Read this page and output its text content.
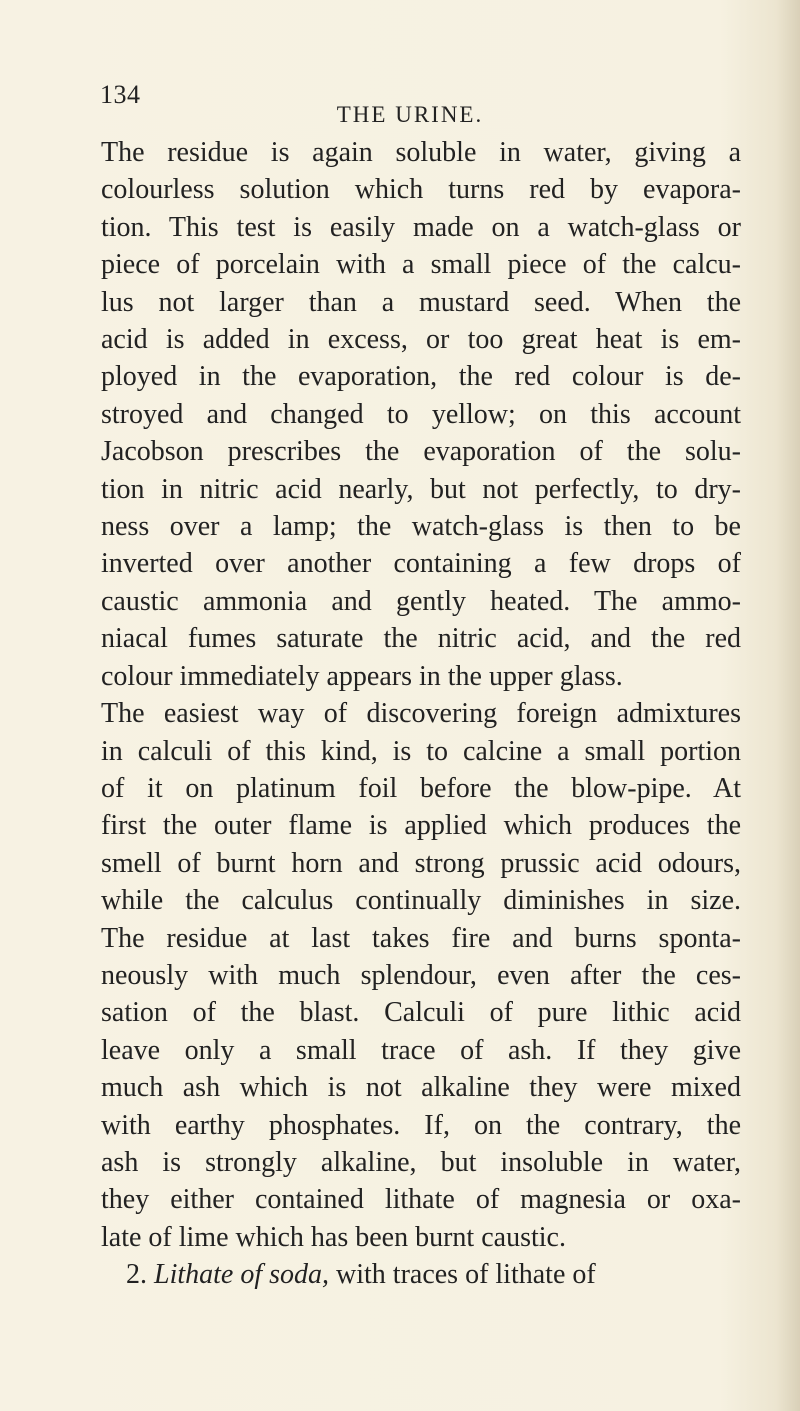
134
THE URINE.
The residue is again soluble in water, giving a
colourless solution which turns red by evapora-
tion. This test is easily made on a watch-glass or
piece of porcelain with a small piece of the calcu-
lus not larger than a mustard seed. When the
acid is added in excess, or too great heat is em-
ployed in the evaporation, the red colour is de-
stroyed and changed to yellow; on this account
Jacobson prescribes the evaporation of the solu-
tion in nitric acid nearly, but not perfectly, to dry-
ness over a lamp; the watch-glass is then to be
inverted over another containing a few drops of
caustic ammonia and gently heated. The ammo-
niacal fumes saturate the nitric acid, and the red
colour immediately appears in the upper glass.
The easiest way of discovering foreign admixtures
in calculi of this kind, is to calcine a small portion
of it on platinum foil before the blow-pipe. At
first the outer flame is applied which produces the
smell of burnt horn and strong prussic acid odours,
while the calculus continually diminishes in size.
The residue at last takes fire and burns sponta-
neously with much splendour, even after the ces-
sation of the blast. Calculi of pure lithic acid
leave only a small trace of ash. If they give
much ash which is not alkaline they were mixed
with earthy phosphates. If, on the contrary, the
ash is strongly alkaline, but insoluble in water,
they either contained lithate of magnesia or oxa-
late of lime which has been burnt caustic.
2. Lithate of soda, with traces of lithate of
